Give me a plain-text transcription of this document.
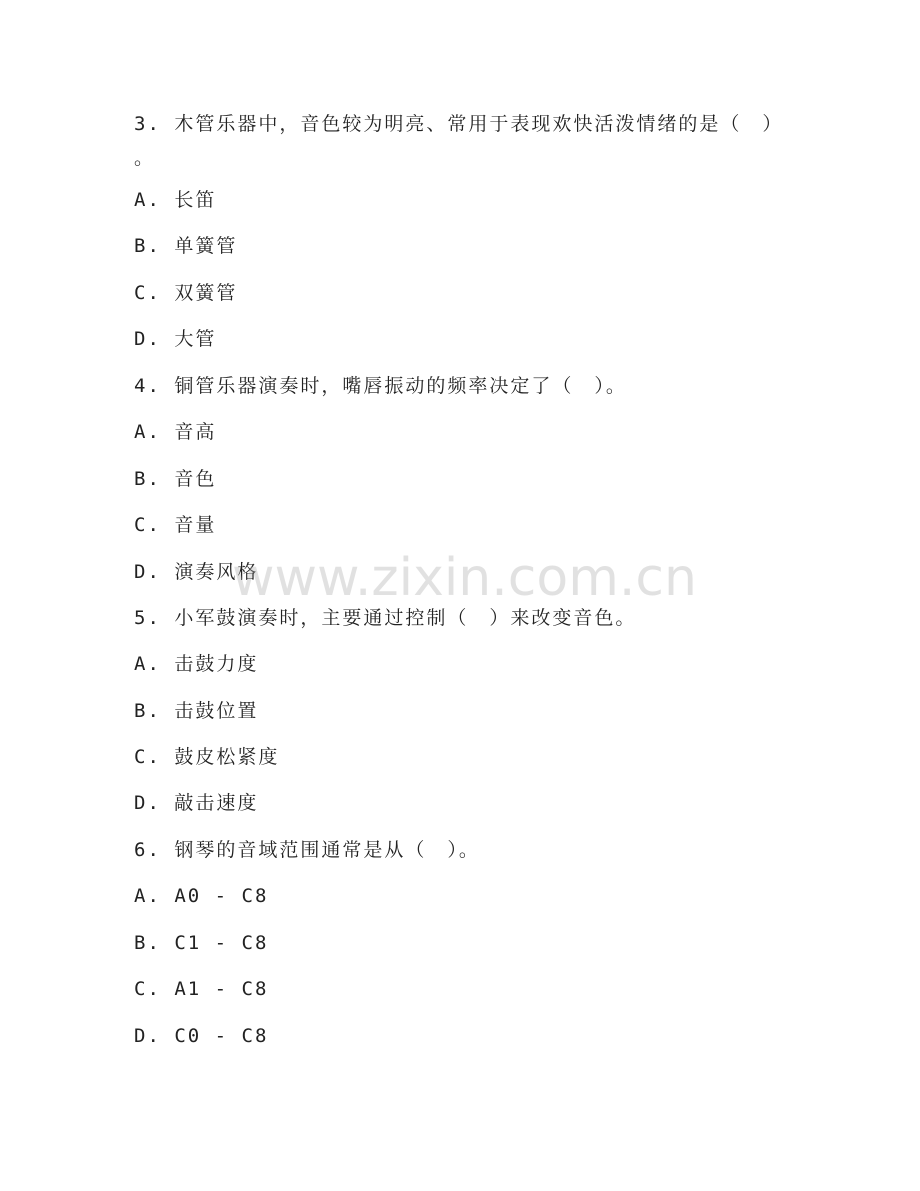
3. 木管乐器中，音色较为明亮、常用于表现欢快活泼情绪的是（　）
。
A. 长笛
B. 单簧管
C. 双簧管
D. 大管
4. 铜管乐器演奏时，嘴唇振动的频率决定了（　）。
A. 音高
B. 音色
C. 音量
D. 演奏风格
5. 小军鼓演奏时，主要通过控制（　）来改变音色。
A. 击鼓力度
B. 击鼓位置
C. 鼓皮松紧度
D. 敲击速度
6. 钢琴的音域范围通常是从（　）。
A. A0 - C8
B. C1 - C8
C. A1 - C8
D. C0 - C8
www.zixin.com.cn
